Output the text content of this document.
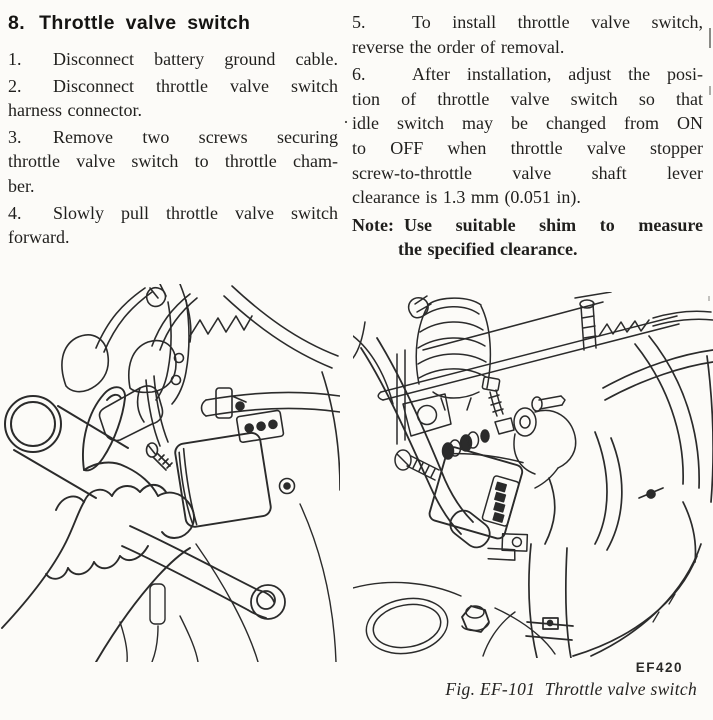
8. Throttle valve switch

1. Disconnect battery ground cable.

2. Disconnect throttle valve switch
harness connector.

3. Remove two screws securing
throttle valve switch to throttle cham-
ber.

4. Slowly pull throttle valve switch
forward.

5.	To install throttle valve switch,
reverse the order of removal.

6.	After installation, adjust the posi-
tion of throttle valve switch so that
idle switch may be changed from ON
to OFF when throttle valve stopper
screw-to-throttle valve shaft lever
clearance is 1.3 mm (0.051 in).

Note: Use suitable shim to measure
the specified clearance.

·
EF420
Fig. EF-101  Throttle valve switch
